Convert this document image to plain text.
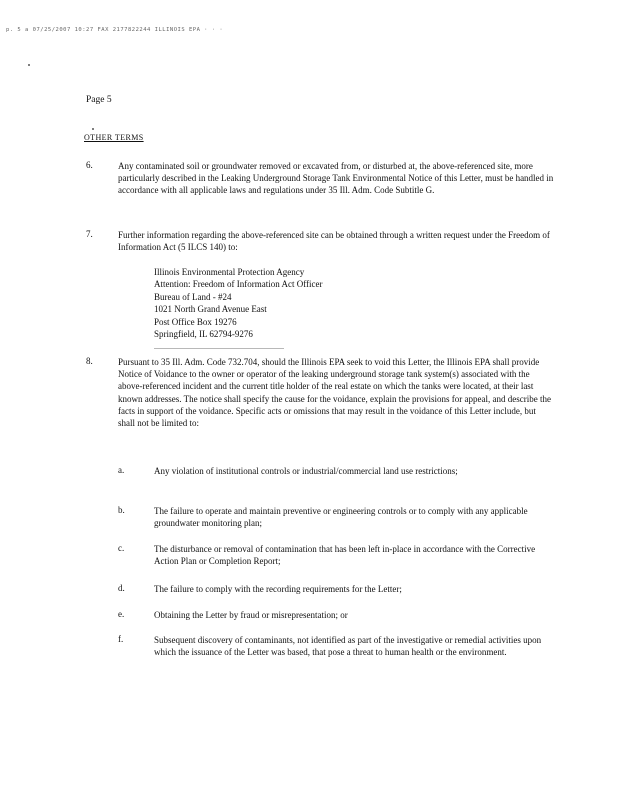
p. 5 a 07/25/2007 10:27 FAX 2177822244 ILLINOIS EPA · · ·
Page 5
OTHER TERMS
6.	Any contaminated soil or groundwater removed or excavated from, or disturbed at, the above-referenced site, more particularly described in the Leaking Underground Storage Tank Environmental Notice of this Letter, must be handled in accordance with all applicable laws and regulations under 35 Ill. Adm. Code Subtitle G.
7.	Further information regarding the above-referenced site can be obtained through a written request under the Freedom of Information Act (5 ILCS 140) to:
Illinois Environmental Protection Agency
Attention: Freedom of Information Act Officer
Bureau of Land - #24
1021 North Grand Avenue East
Post Office Box 19276
Springfield, IL 62794-9276
8.	Pursuant to 35 Ill. Adm. Code 732.704, should the Illinois EPA seek to void this Letter, the Illinois EPA shall provide Notice of Voidance to the owner or operator of the leaking underground storage tank system(s) associated with the above-referenced incident and the current title holder of the real estate on which the tanks were located, at their last known addresses. The notice shall specify the cause for the voidance, explain the provisions for appeal, and describe the facts in support of the voidance. Specific acts or omissions that may result in the voidance of this Letter include, but shall not be limited to:
a.	Any violation of institutional controls or industrial/commercial land use restrictions;
b.	The failure to operate and maintain preventive or engineering controls or to comply with any applicable groundwater monitoring plan;
c.	The disturbance or removal of contamination that has been left in-place in accordance with the Corrective Action Plan or Completion Report;
d.	The failure to comply with the recording requirements for the Letter;
e.	Obtaining the Letter by fraud or misrepresentation; or
f.	Subsequent discovery of contaminants, not identified as part of the investigative or remedial activities upon which the issuance of the Letter was based, that pose a threat to human health or the environment.
